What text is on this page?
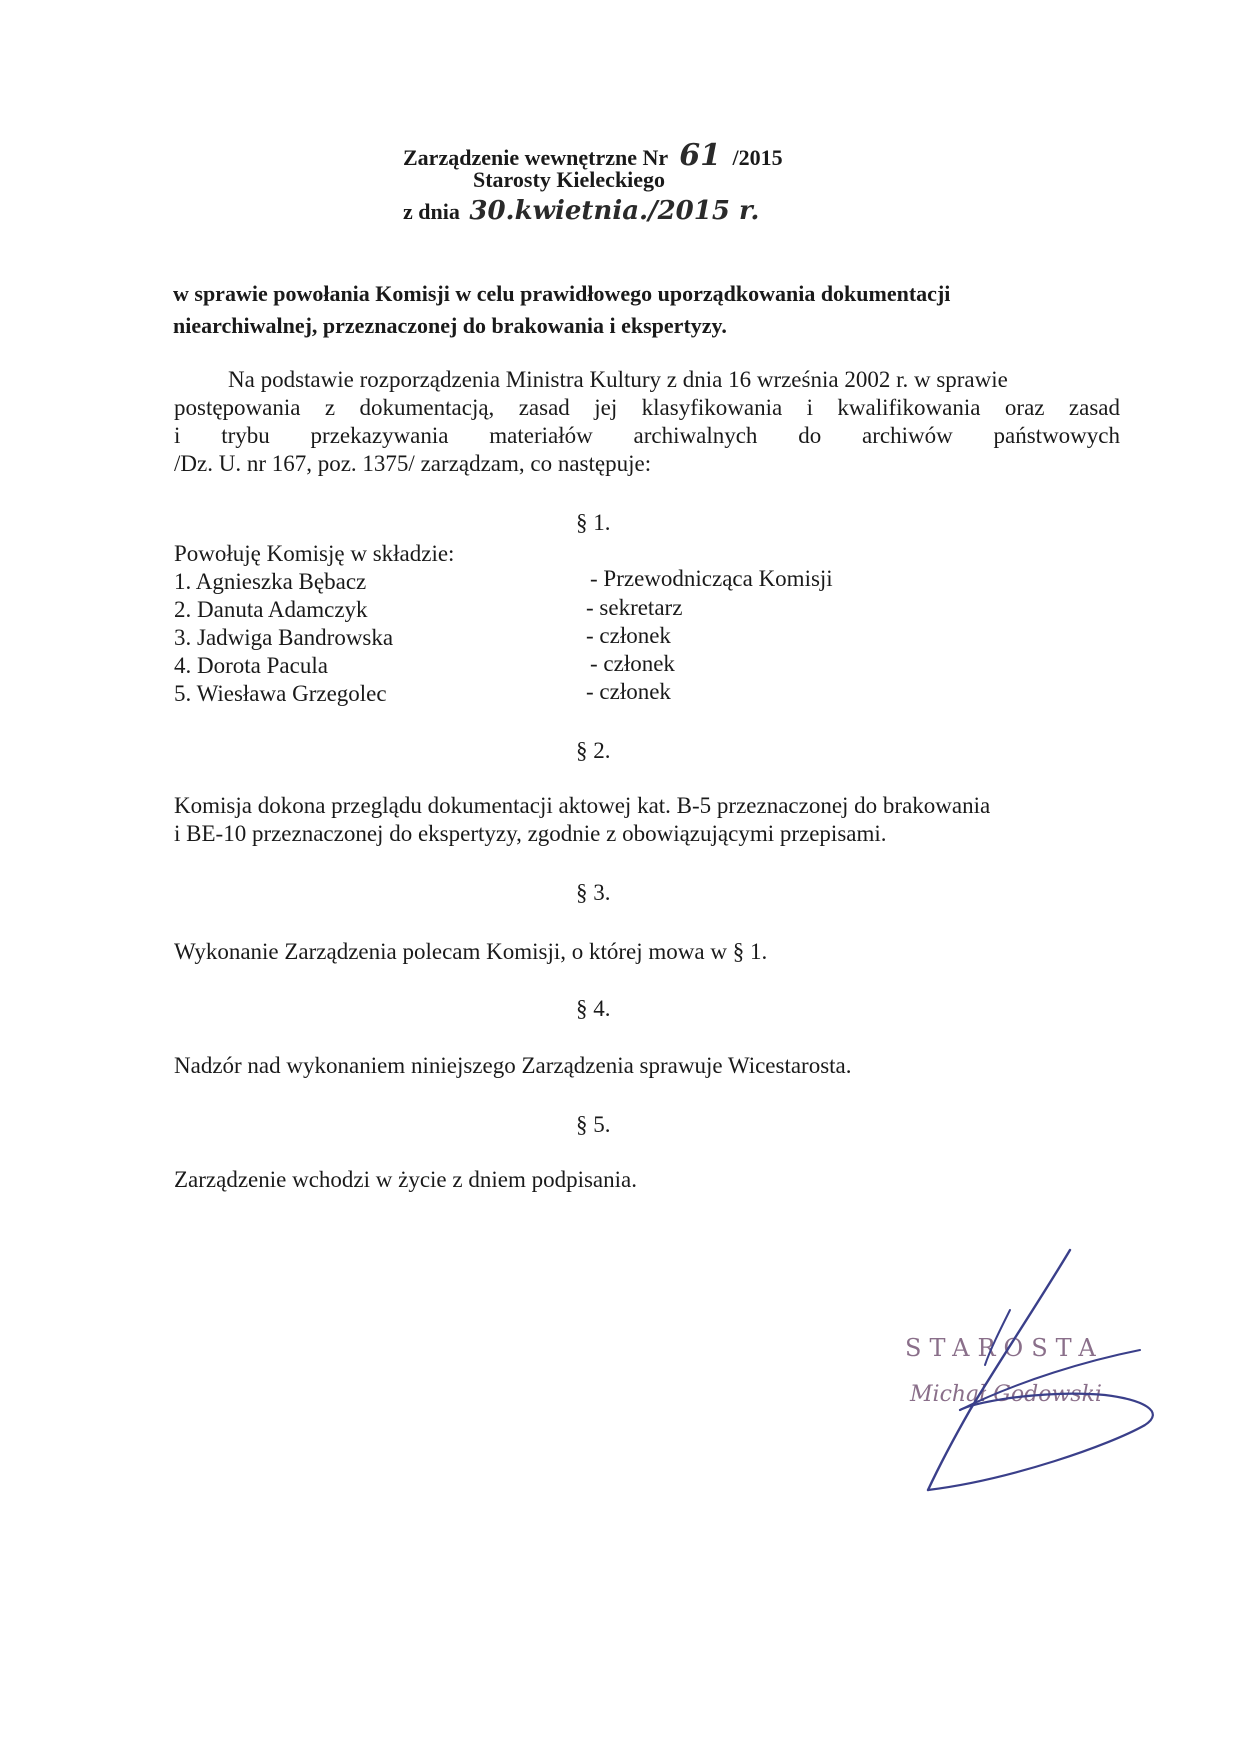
Zarządzenie wewnętrzne Nr 61 /2015
Starosty Kieleckiego
z dnia 30.kwietnia./2015 r.
w sprawie powołania Komisji w celu prawidłowego uporządkowania dokumentacji
niearchiwalnej, przeznaczonej do brakowania i ekspertyzy.
Na podstawie rozporządzenia Ministra Kultury z dnia 16 września 2002 r. w sprawie
postępowania z dokumentacją, zasad jej klasyfikowania i kwalifikowania oraz zasad
i trybu przekazywania materiałów archiwalnych do archiwów państwowych
/Dz. U. nr 167, poz. 1375/ zarządzam, co następuje:
§ 1.
Powołuję Komisję w składzie:
1. Agnieszka Bębacz	- Przewodnicząca Komisji
2. Danuta Adamczyk	- sekretarz
3. Jadwiga Bandrowska	- członek
4. Dorota Pacula	- członek
5. Wiesława Grzegolec	- członek
§ 2.
Komisja dokona przeglądu dokumentacji aktowej kat. B-5 przeznaczonej do brakowania
i BE-10 przeznaczonej do ekspertyzy, zgodnie z obowiązującymi przepisami.
§ 3.
Wykonanie Zarządzenia polecam Komisji, o której mowa w § 1.
§ 4.
Nadzór nad wykonaniem niniejszego Zarządzenia sprawuje Wicestarosta.
§ 5.
Zarządzenie wchodzi w życie z dniem podpisania.
STAROSTA
Michał Godowski
